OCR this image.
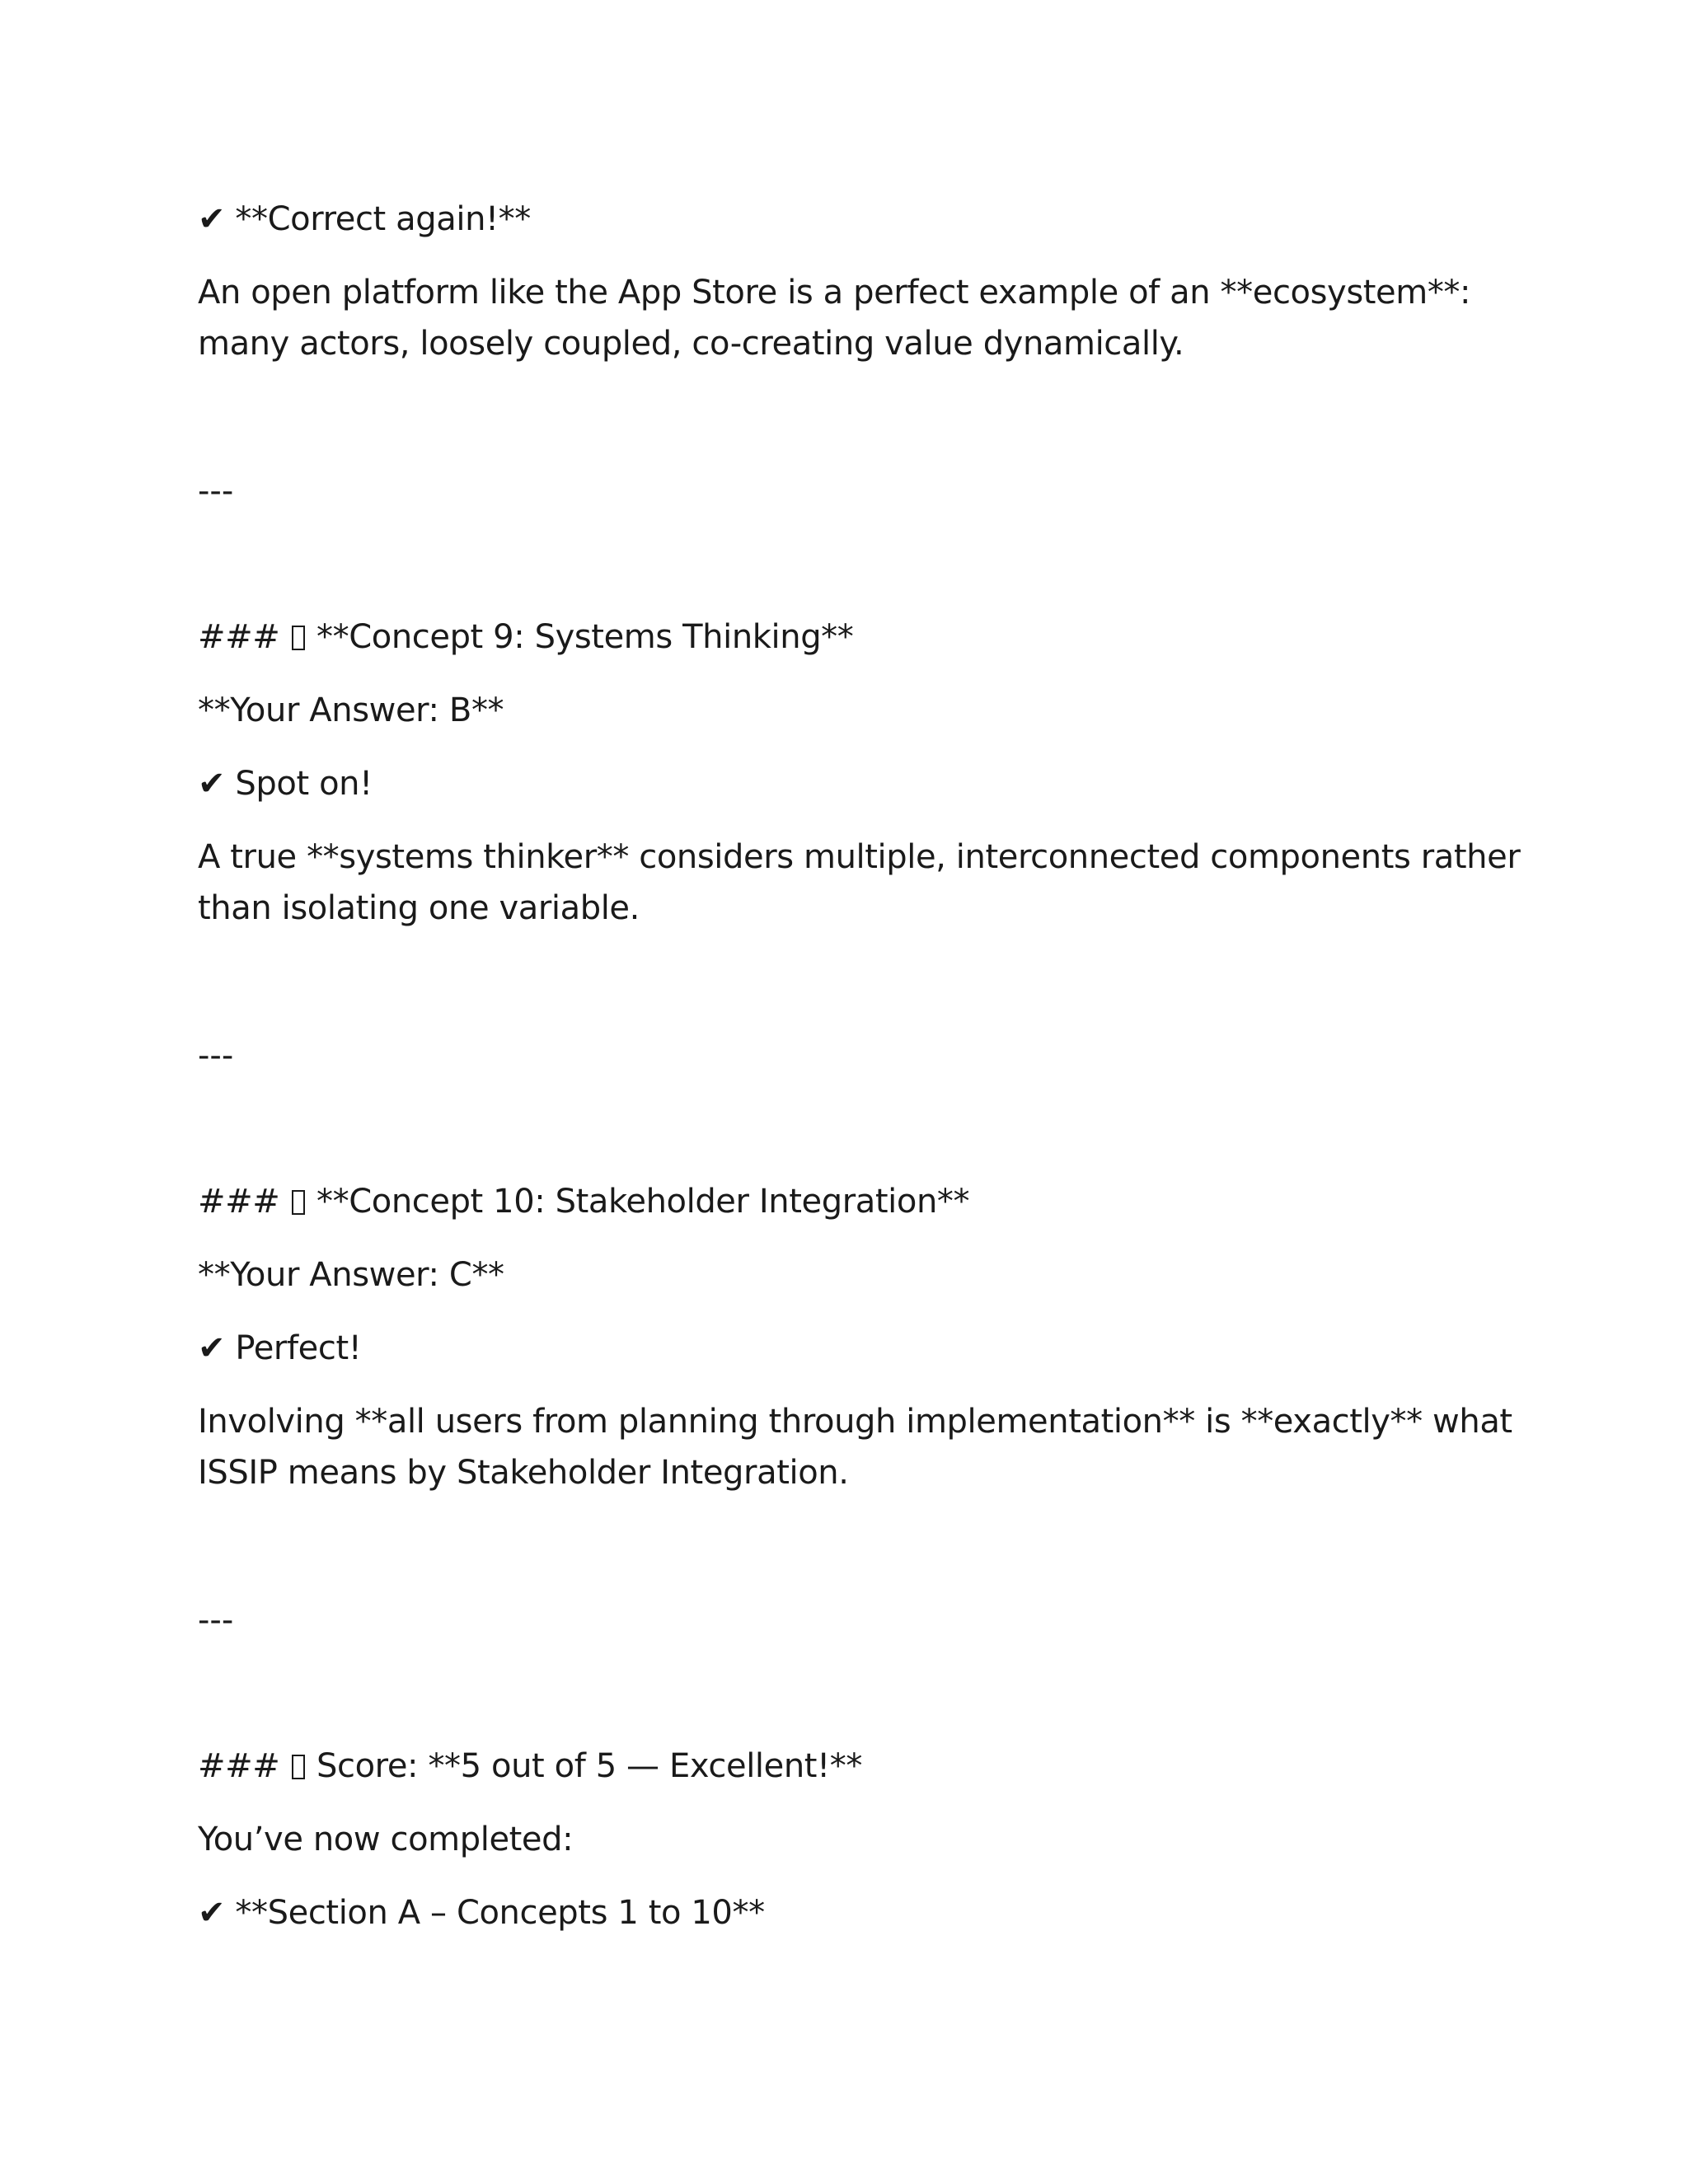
✔ **Correct again!**

An open platform like the App Store is a perfect example of an **ecosystem**:

many actors, loosely coupled, co-creating value dynamically.

---

### **Concept 9: Systems Thinking**

**Your Answer: B**

✔ Spot on!

A true **systems thinker** considers multiple, interconnected components rather

than isolating one variable.

---

### **Concept 10: Stakeholder Integration**

**Your Answer: C**

✔ Perfect!

Involving **all users from planning through implementation** is **exactly** what

ISSIP means by Stakeholder Integration.

---

### Score: **5 out of 5 — Excellent!**

You’ve now completed:

✔ **Section A – Concepts 1 to 10**
